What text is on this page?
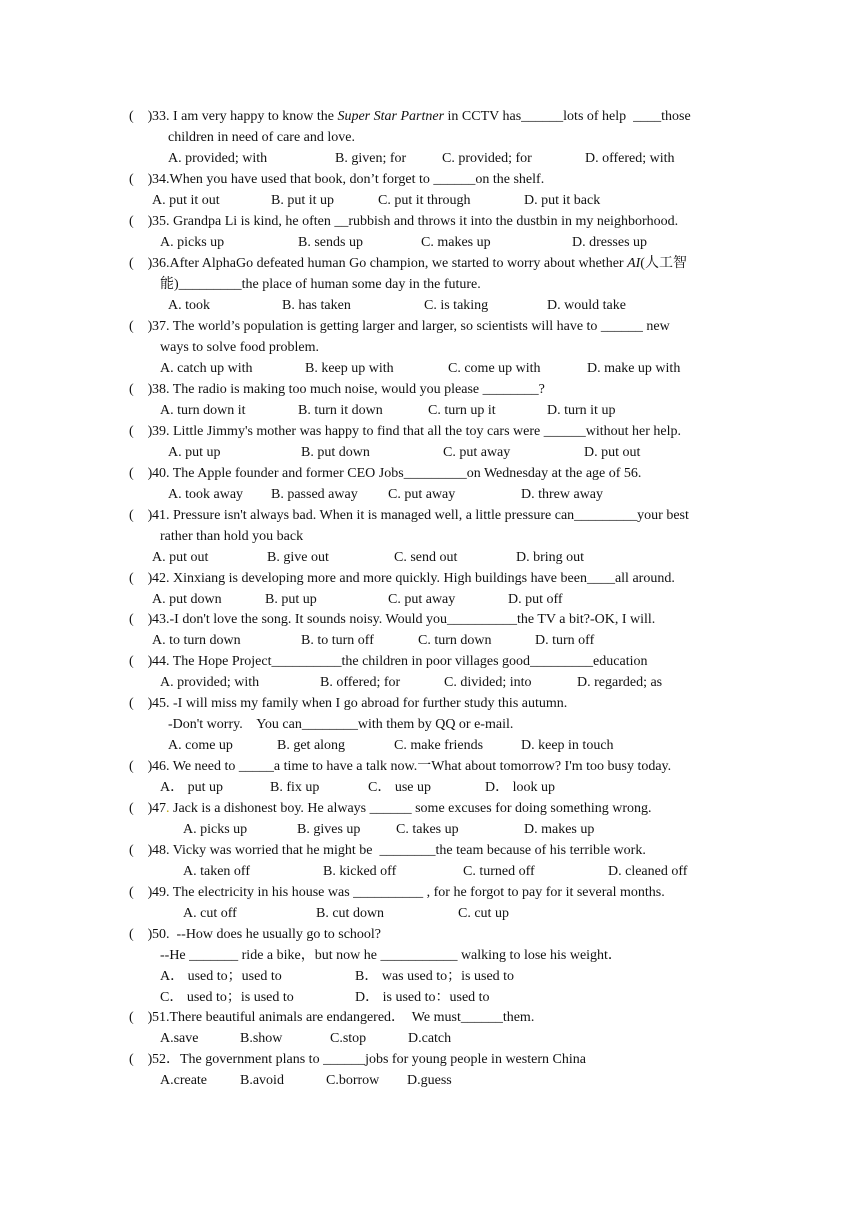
(    ) 33. I am very happy to know the Super Star Partner in CCTV has______lots of help  ____those
children in need of care and love.
A. provided; with	B. given; for	C. provided; for	D. offered; with
(    ) 34.When you have used that book, don’t forget to ______on the shelf.
A. put it out	B. put it up	C. put it through	D. put it back
(    ) 35. Grandpa Li is kind, he often __rubbish and throws it into the dustbin in my neighborhood.
A. picks up	B. sends up	C. makes up	D. dresses up
(    ) 36.After AlphaGo defeated human Go champion, we started to worry about whether AI(人工智
能)_________the place of human some day in the future.
A. took	B. has taken	C. is taking	D. would take
(    ) 37. The world’s population is getting larger and larger, so scientists will have to ______ new
ways to solve food problem.
A. catch up with	B. keep up with	C. come up with	D. make up with
(    ) 38. The radio is making too much noise, would you please ________?
A. turn down it	B. turn it down	C. turn up it	D. turn it up
(    ) 39. Little Jimmy's mother was happy to find that all the toy cars were ______without her help.
A. put up	B. put down	C. put away	D. put out
(    ) 40. The Apple founder and former CEO Jobs_________on Wednesday at the age of 56.
A. took away B. passed away C. put away	D. threw away
(    ) 41. Pressure isn't always bad. When it is managed well, a little pressure can_________your best
rather than hold you back
A. put out	B. give out	C. send out	D. bring out
(    ) 42. Xinxiang is developing more and more quickly. High buildings have been____all around.
A. put down	B. put up	C. put away	D. put off
(    ) 43.-I don't love the song. It sounds noisy. Would you__________the TV a bit?-OK, I will.
A. to turn down	B. to turn off	C. turn down	D. turn off
(    ) 44. The Hope Project__________the children in poor villages good_________education
A. provided; with	B. offered; for	C. divided; into	D. regarded; as
(    ) 45. -I will miss my family when I go abroad for further study this autumn.
-Don't worry.    You can________with them by QQ or e-mail.
A. come up	B. get along	C. make friends	D. keep in touch
(    ) 46. We need to _____a time to have a talk now.一What about tomorrow? I'm too busy today.
A． put up	B. fix up	C． use up	D． look up
(    ) 47. Jack is a dishonest boy. He always ______ some excuses for doing something wrong.
A. picks up	B. gives up	C. takes up	D. makes up
(    ) 48. Vicky was worried that he might be  ________the team because of his terrible work.
A. taken off	B. kicked off	C. turned off	D. cleaned off
(    ) 49. The electricity in his house was __________ , for he forgot to pay for it several months.
A. cut off	B. cut down	C. cut up
(    ) 50.  --How does he usually go to school?
--He _______ ride a bike，but now he ___________ walking to lose his weight．
A． used to；used to	B． was used to；is used to
C． used to；is used to	D． is used to：used to
(    ) 51.There beautiful animals are endangered．  We must______them.
A.save	B.show	C.stop	D.catch
(    ) 52．The government plans to ______jobs for young people in western China
A.create B.avoid	C.borrow D.guess
